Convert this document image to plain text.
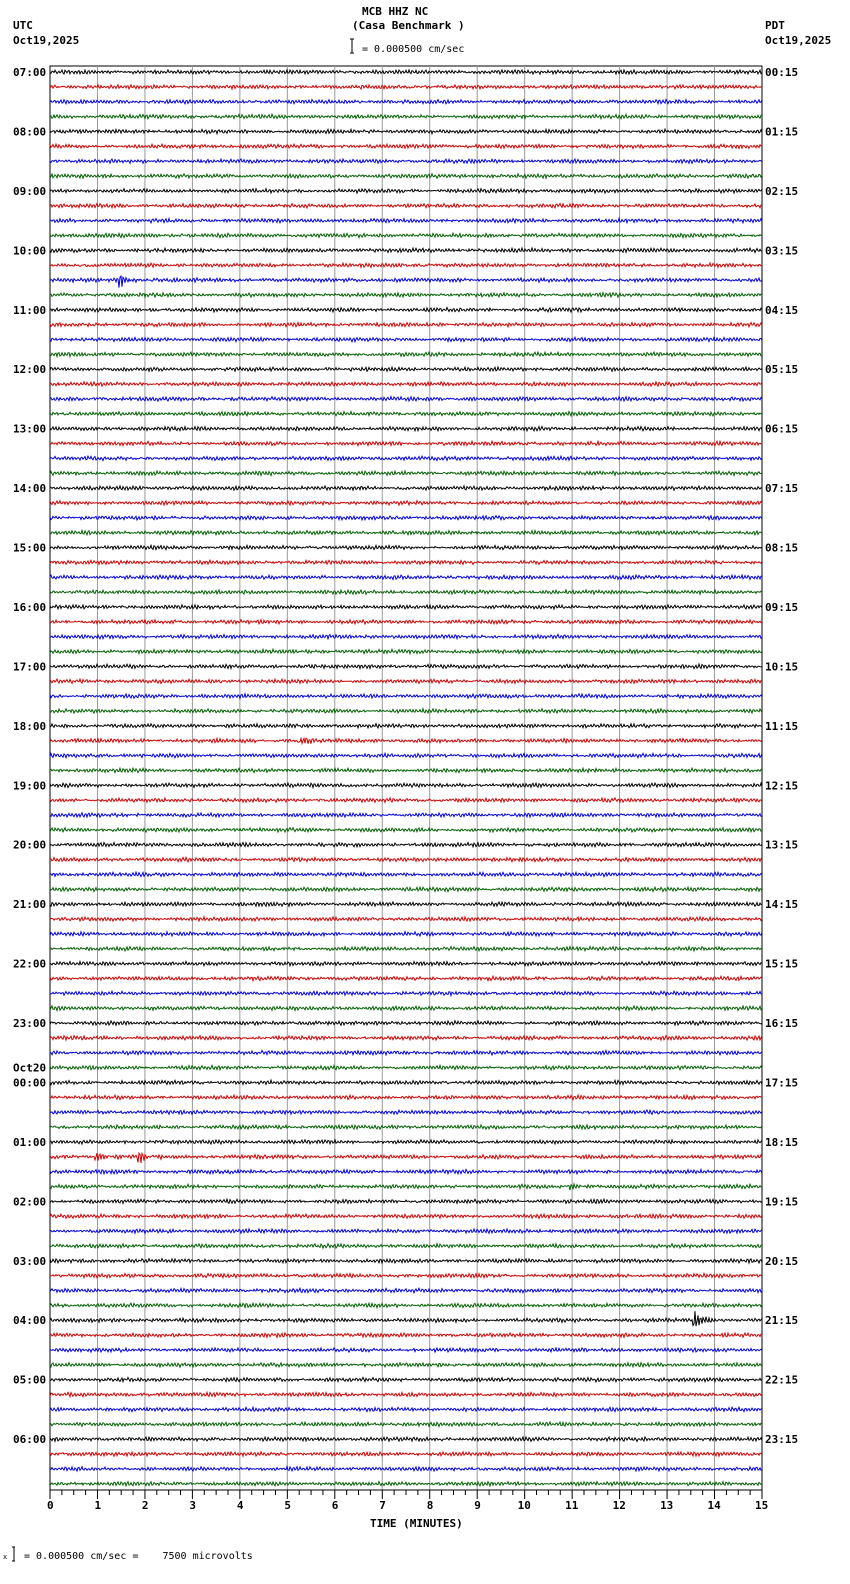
MCB HHZ NC
(Casa Benchmark )
UTC
Oct19,2025
PDT
Oct19,2025
= 0.000500 cm/sec
07:00
08:00
09:00
10:00
11:00
12:00
13:00
14:00
15:00
16:00
17:00
18:00
19:00
20:00
21:00
22:00
23:00
00:00
Oct20
01:00
02:00
03:00
04:00
05:00
06:00
00:15
01:15
02:15
03:15
04:15
05:15
06:15
07:15
08:15
09:15
10:15
11:15
12:15
13:15
14:15
15:15
16:15
17:15
18:15
19:15
20:15
21:15
22:15
23:15
0	1	2	3	4	5	6	7	8	9	10	11	12	13	14	15
TIME (MINUTES)
x = 0.000500 cm/sec =    7500 microvolts
